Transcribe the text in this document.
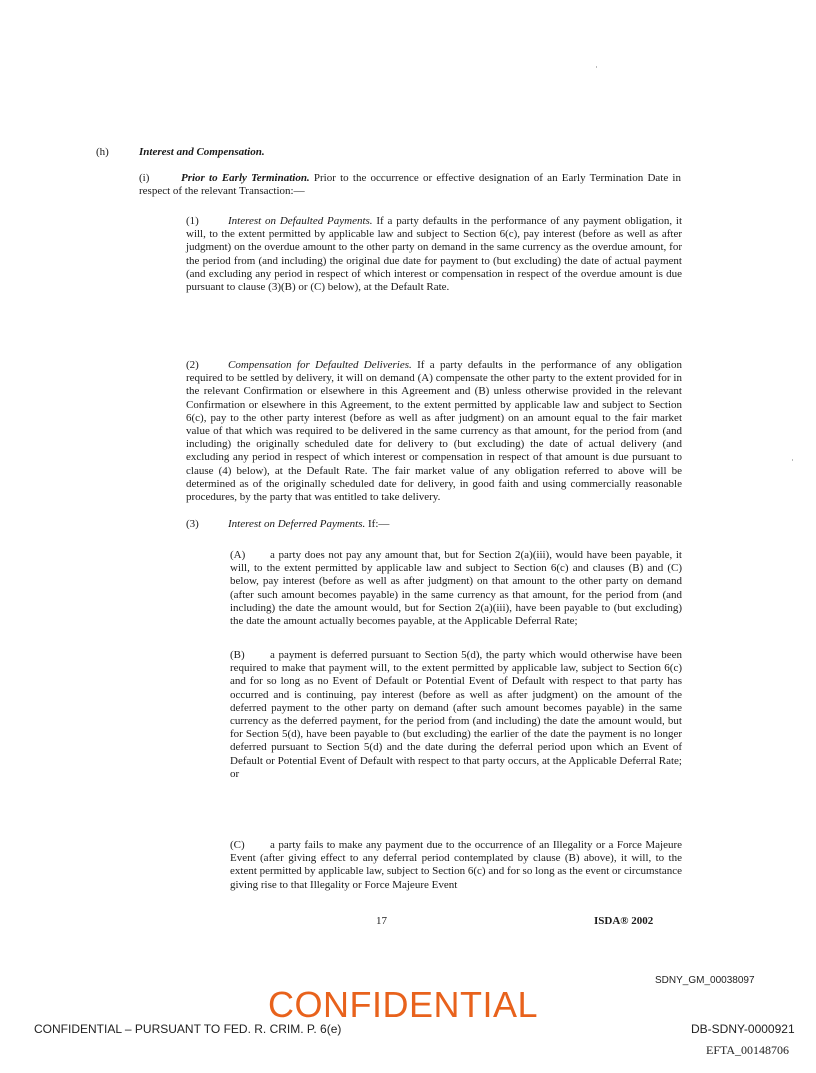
(h)	Interest and Compensation.
(i)	Prior to Early Termination. Prior to the occurrence or effective designation of an Early Termination Date in respect of the relevant Transaction:—
(1)	Interest on Defaulted Payments. If a party defaults in the performance of any payment obligation, it will, to the extent permitted by applicable law and subject to Section 6(c), pay interest (before as well as after judgment) on the overdue amount to the other party on demand in the same currency as the overdue amount, for the period from (and including) the original due date for payment to (but excluding) the date of actual payment (and excluding any period in respect of which interest or compensation in respect of the overdue amount is due pursuant to clause (3)(B) or (C) below), at the Default Rate.
(2)	Compensation for Defaulted Deliveries. If a party defaults in the performance of any obligation required to be settled by delivery, it will on demand (A) compensate the other party to the extent provided for in the relevant Confirmation or elsewhere in this Agreement and (B) unless otherwise provided in the relevant Confirmation or elsewhere in this Agreement, to the extent permitted by applicable law and subject to Section 6(c), pay to the other party interest (before as well as after judgment) on an amount equal to the fair market value of that which was required to be delivered in the same currency as that amount, for the period from (and including) the originally scheduled date for delivery to (but excluding) the date of actual delivery (and excluding any period in respect of which interest or compensation in respect of that amount is due pursuant to clause (4) below), at the Default Rate. The fair market value of any obligation referred to above will be determined as of the originally scheduled date for delivery, in good faith and using commercially reasonable procedures, by the party that was entitled to take delivery.
(3)	Interest on Deferred Payments. If:—
(A) a party does not pay any amount that, but for Section 2(a)(iii), would have been payable, it will, to the extent permitted by applicable law and subject to Section 6(c) and clauses (B) and (C) below, pay interest (before as well as after judgment) on that amount to the other party on demand (after such amount becomes payable) in the same currency as that amount, for the period from (and including) the date the amount would, but for Section 2(a)(iii), have been payable to (but excluding) the date the amount actually becomes payable, at the Applicable Deferral Rate;
(B) a payment is deferred pursuant to Section 5(d), the party which would otherwise have been required to make that payment will, to the extent permitted by applicable law, subject to Section 6(c) and for so long as no Event of Default or Potential Event of Default with respect to that party has occurred and is continuing, pay interest (before as well as after judgment) on the amount of the deferred payment to the other party on demand (after such amount becomes payable) in the same currency as the deferred payment, for the period from (and including) the date the amount would, but for Section 5(d), have been payable to (but excluding) the earlier of the date the payment is no longer deferred pursuant to Section 5(d) and the date during the deferral period upon which an Event of Default or Potential Event of Default with respect to that party occurs, at the Applicable Deferral Rate; or
(C) a party fails to make any payment due to the occurrence of an Illegality or a Force Majeure Event (after giving effect to any deferral period contemplated by clause (B) above), it will, to the extent permitted by applicable law, subject to Section 6(c) and for so long as the event or circumstance giving rise to that Illegality or Force Majeure Event
17	ISDA® 2002
SDNY_GM_00038097
CONFIDENTIAL
CONFIDENTIAL – PURSUANT TO FED. R. CRIM. P. 6(e)	DB-SDNY-0000921
EFTA_00148706
